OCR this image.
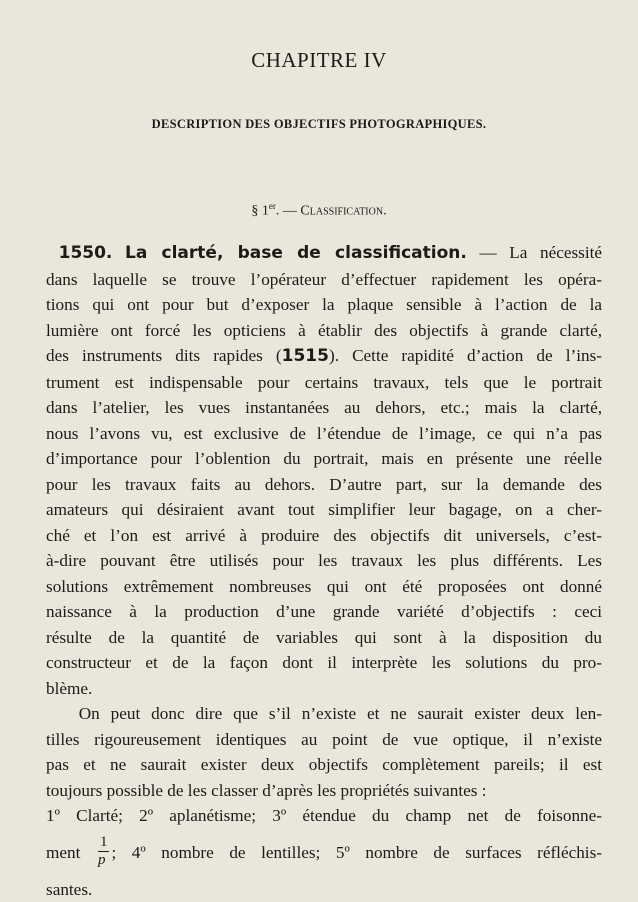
CHAPITRE IV
DESCRIPTION DES OBJECTIFS PHOTOGRAPHIQUES.
§ 1er. — Classification.
1550. La clarté, base de classification. — La nécessité
dans laquelle se trouve l’opérateur d’effectuer rapidement les opéra-
tions qui ont pour but d’exposer la plaque sensible à l’action de la
lumière ont forcé les opticiens à établir des objectifs à grande clarté,
des instruments dits rapides (1515). Cette rapidité d’action de l’ins-
trument est indispensable pour certains travaux, tels que le portrait
dans l’atelier, les vues instantanées au dehors, etc.; mais la clarté,
nous l’avons vu, est exclusive de l’étendue de l’image, ce qui n’a pas
d’importance pour l’oblention du portrait, mais en présente une réelle
pour les travaux faits au dehors. D’autre part, sur la demande des
amateurs qui désiraient avant tout simplifier leur bagage, on a cher-
ché et l’on est arrivé à produire des objectifs dit universels, c’est-
à-dire pouvant être utilisés pour les travaux les plus différents. Les
solutions extrêmement nombreuses qui ont été proposées ont donné
naissance à la production d’une grande variété d’objectifs : ceci
résulte de la quantité de variables qui sont à la disposition du
constructeur et de la façon dont il interprète les solutions du pro-
blème.
On peut donc dire que s’il n’existe et ne saurait exister deux len-
tilles rigoureusement identiques au point de vue optique, il n’existe
pas et ne saurait exister deux objectifs complètement pareils; il est
toujours possible de les classer d’après les propriétés suivantes :
1º Clarté; 2º aplanétisme; 3º étendue du champ net de foisonne-
ment $\frac{1}{p}$ ; 4º nombre de lentilles; 5º nombre de surfaces réfléchis-
santes.
